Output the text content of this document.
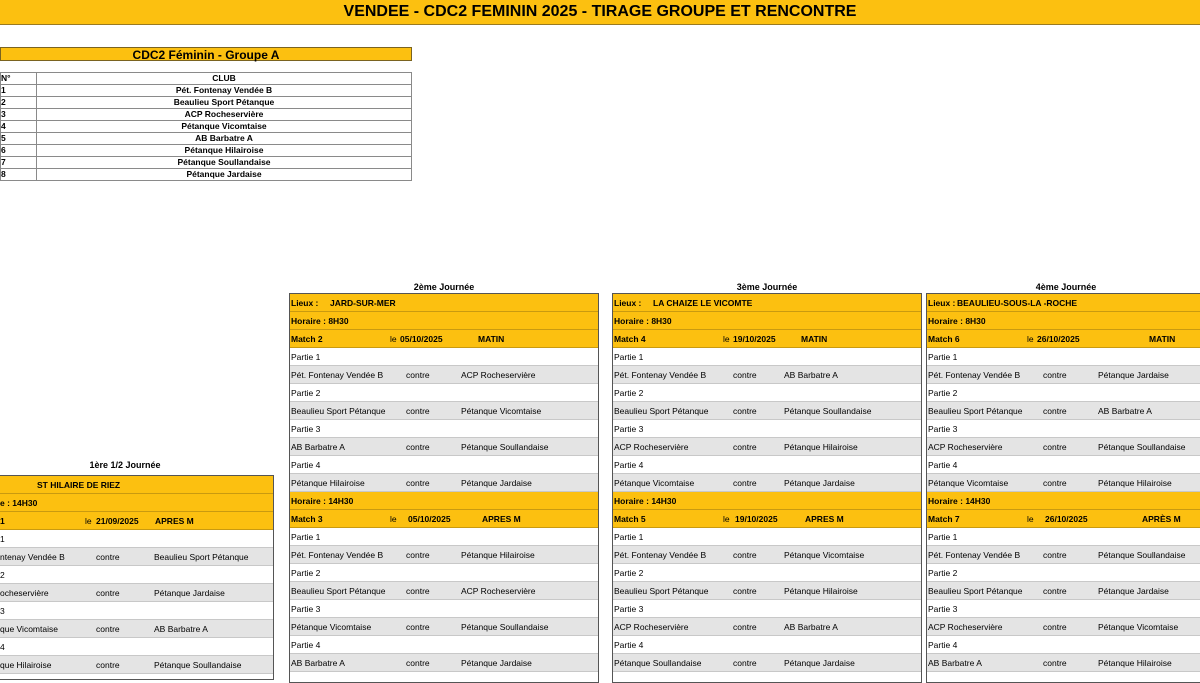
VENDEE - CDC2 FEMININ 2025 - TIRAGE GROUPE ET RENCONTRE
CDC2 Féminin - Groupe A
N°	CLUB
1	Pét. Fontenay Vendée B
2	Beaulieu Sport Pétanque
3	ACP Rocheservière
4	Pétanque Vicomtaise
5	AB Barbatre A
6	Pétanque Hilairoise
7	Pétanque Soullandaise
8	Pétanque Jardaise
1ère 1/2 Journée
ST HILAIRE DE RIEZ
e : 14H30
1	le 21/09/2025 APRES M
1
ntenay Vendée B	contre	Beaulieu Sport Pétanque
2
ocheservière	contre	Pétanque Jardaise
3
que Vicomtaise	contre	AB Barbatre A
4
que Hilairoise	contre	Pétanque Soullandaise
2ème Journée
Lieux : JARD-SUR-MER
Horaire : 8H30
Match 2	le 05/10/2025	MATIN
Partie 1
Pét. Fontenay Vendée B	contre	ACP Rocheservière
Partie 2
Beaulieu Sport Pétanque contre	Pétanque Vicomtaise
Partie 3
AB Barbatre A	contre	Pétanque Soullandaise
Partie 4
Pétanque Hilairoise	contre	Pétanque Jardaise
Horaire : 14H30
Match 3	le 05/10/2025	APRES M
Partie 1
Pét. Fontenay Vendée B	contre	Pétanque Hilairoise
Partie 2
Beaulieu Sport Pétanque contre	ACP Rocheservière
Partie 3
Pétanque Vicomtaise	contre	Pétanque Soullandaise
Partie 4
AB Barbatre A	contre	Pétanque Jardaise
3ème Journée
Lieux : LA CHAIZE LE VICOMTE
Horaire : 8H30
Match 4	le 19/10/2025	MATIN
Partie 1
Pét. Fontenay Vendée B	contre	AB Barbatre A
Partie 2
Beaulieu Sport Pétanque	contre	Pétanque Soullandaise
Partie 3
ACP Rocheservière	contre	Pétanque Hilairoise
Partie 4
Pétanque Vicomtaise	contre	Pétanque Jardaise
Horaire : 14H30
Match 5	le 19/10/2025	APRES M
Partie 1
Pét. Fontenay Vendée B	contre	Pétanque Vicomtaise
Partie 2
Beaulieu Sport Pétanque	contre	Pétanque Hilairoise
Partie 3
ACP Rocheservière	contre	AB Barbatre A
Partie 4
Pétanque Soullandaise	contre	Pétanque Jardaise
4ème Journée
Lieux : BEAULIEU-SOUS-LA -ROCHE
Horaire : 8H30
Match 6	le 26/10/2025	MATIN
Partie 1
Pét. Fontenay Vendée B	contre	Pétanque Jardaise
Partie 2
Beaulieu Sport Pétanque contre	AB Barbatre A
Partie 3
ACP Rocheservière	contre	Pétanque Soullandaise
Partie 4
Pétanque Vicomtaise	contre	Pétanque Hilairoise
Horaire : 14H30
Match 7	le 26/10/2025	APRÈS M
Partie 1
Pét. Fontenay Vendée B	contre	Pétanque Soullandaise
Partie 2
Beaulieu Sport Pétanque contre	Pétanque Jardaise
Partie 3
ACP Rocheservière	contre	Pétanque Vicomtaise
Partie 4
AB Barbatre A	contre	Pétanque Hilairoise
